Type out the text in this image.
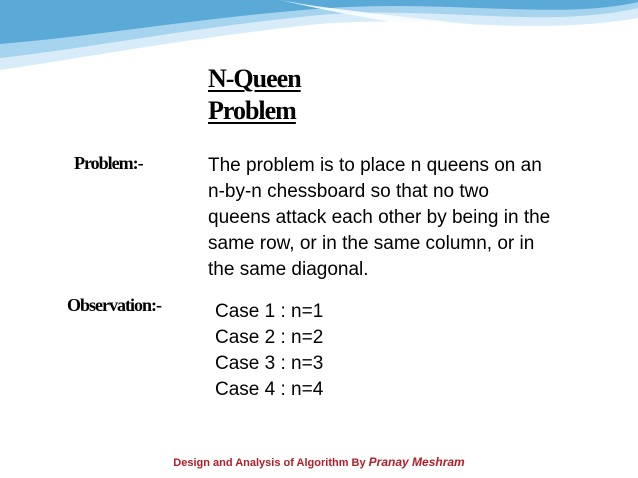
N-Queen
Problem
Problem:-	The problem is to place n queens on an n-by-n chessboard so that no two queens attack each other by being in the same row, or in the same column, or in the same diagonal.

Observation:-	Case 1 : n=1
Case 2 : n=2
Case 3 : n=3
Case 4 : n=4
Design and Analysis of Algorithm By Pranay Meshram
